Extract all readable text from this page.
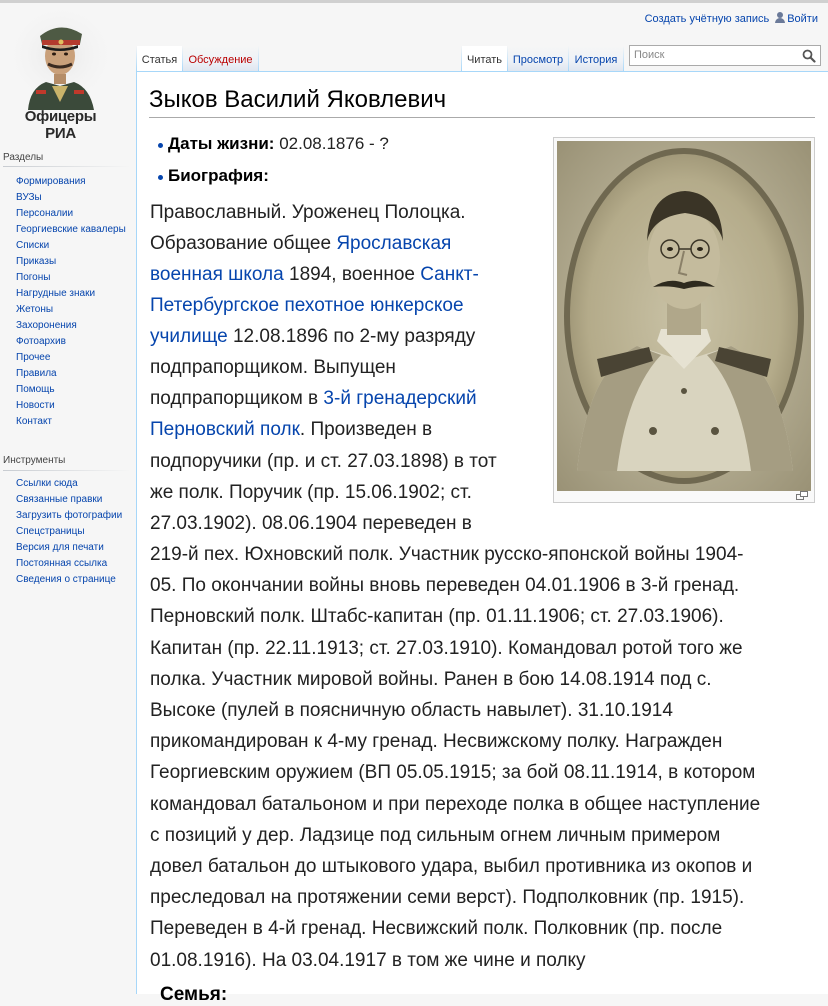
Создать учётную запись	Войти
Офицеры РИА
Разделы
Формирования
ВУЗы
Персоналии
Георгиевские кавалеры
Списки
Приказы
Погоны
Нагрудные знаки
Жетоны
Захоронения
Фотоархив
Прочее
Правила
Помощь
Новости
Контакт
Инструменты
Ссылки сюда
Связанные правки
Загрузить фотографии
Спецстраницы
Версия для печати
Постоянная ссылка
Сведения о странице
Статья	Обсуждение	Читать Просмотр	История	Поиск
Зыков Василий Яковлевич
Даты жизни: 02.08.1876 - ?
Биография:
Православный. Уроженец Полоцка.
Образование общее Ярославская
военная школа 1894, военное Санкт-
Петербургское пехотное юнкерское
училище 12.08.1896 по 2-му разряду
подпрапорщиком. Выпущен
подпрапорщиком в 3-й гренадерский
Перновский полк. Произведен в
подпоручики (пр. и ст. 27.03.1898) в тот
же полк. Поручик (пр. 15.06.1902; ст.
27.03.1902). 08.06.1904 переведен в
219-й пех. Юхновский полк. Участник русско-японской войны 1904-
05. По окончании войны вновь переведен 04.01.1906 в 3-й гренад.
Перновский полк. Штабс-капитан (пр. 01.11.1906; ст. 27.03.1906).
Капитан (пр. 22.11.1913; ст. 27.03.1910). Командовал ротой того же
полка. Участник мировой войны. Ранен в бою 14.08.1914 под с.
Высоке (пулей в поясничную область навылет). 31.10.1914
прикомандирован к 4-му гренад. Несвижскому полку. Награжден
Георгиевским оружием (ВП 05.05.1915; за бой 08.11.1914, в котором
командовал батальоном и при переходе полка в общее наступление
с позиций у дер. Ладзице под сильным огнем личным примером
довел батальон до штыкового удара, выбил противника из окопов и
преследовал на протяжении семи верст). Подполковник (пр. 1915).
Переведен в 4-й гренад. Несвижский полк. Полковник (пр. после
01.08.1916). На 03.04.1917 в том же чине и полку
Семья:
